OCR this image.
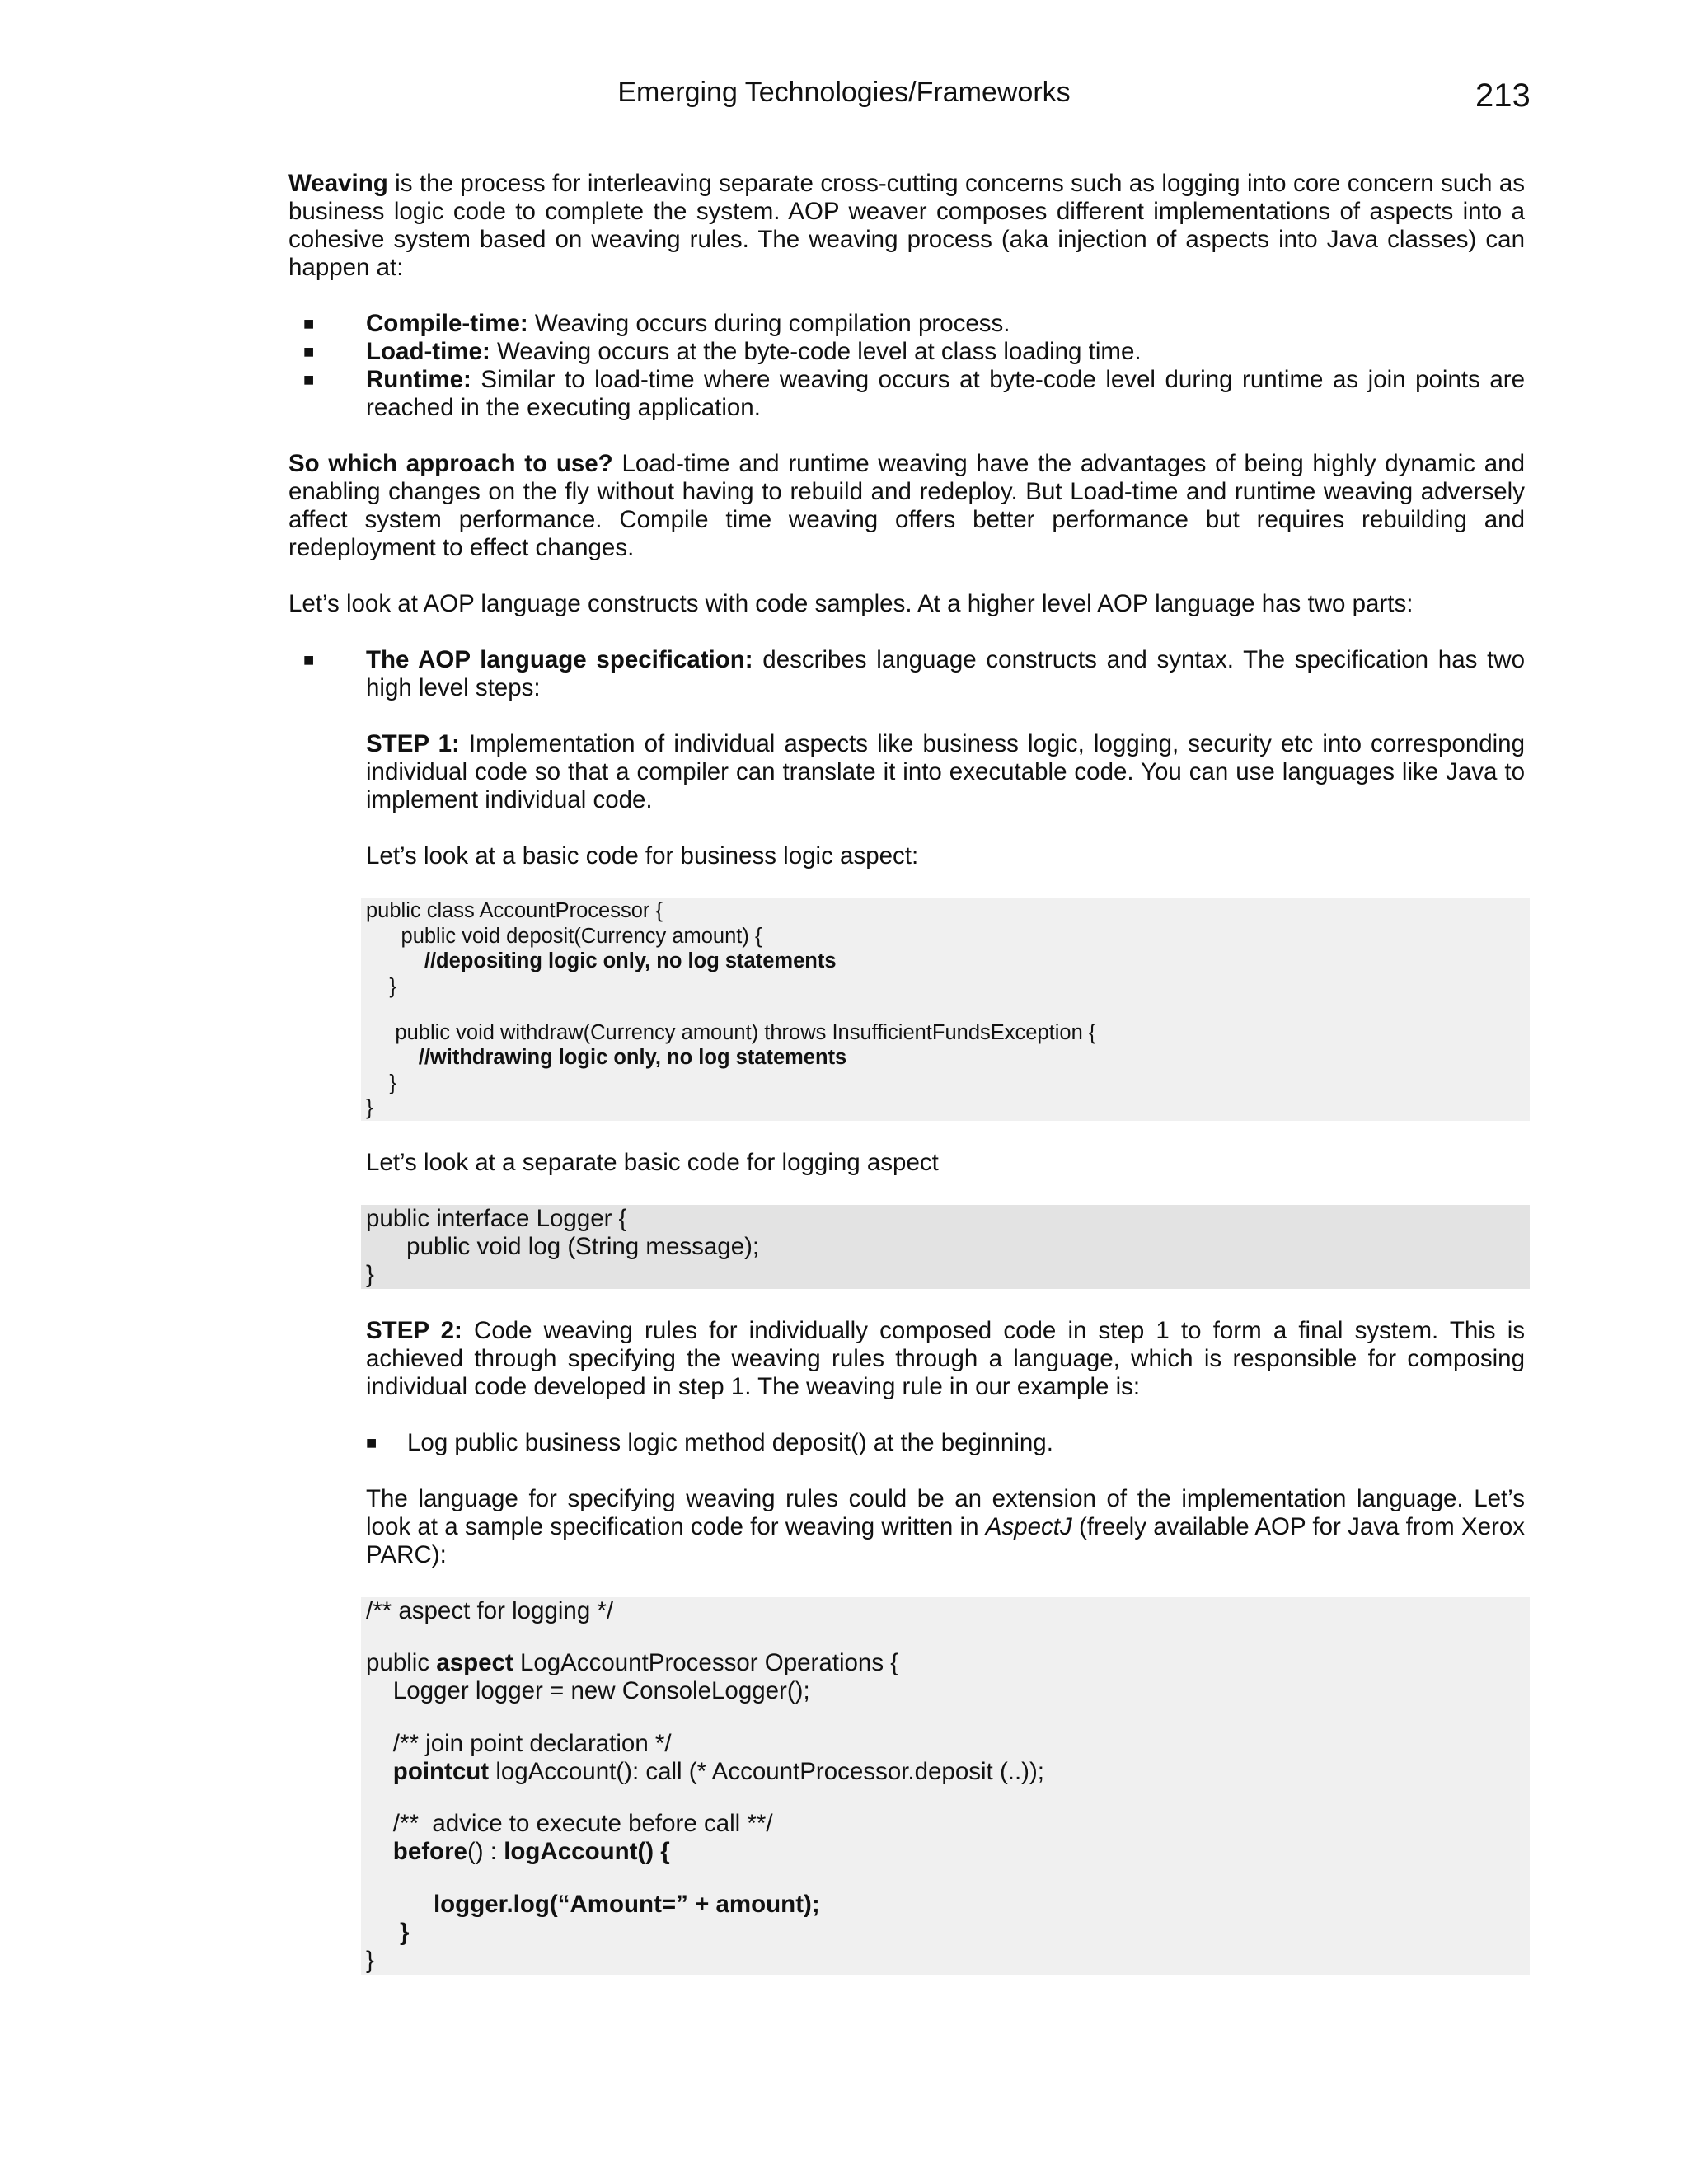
Emerging Technologies/Frameworks	213

Weaving is the process for interleaving separate cross-cutting concerns such as logging into core concern such as business logic code to complete the system. AOP weaver composes different implementations of aspects into a cohesive system based on weaving rules. The weaving process (aka injection of aspects into Java classes) can happen at:

■ Compile-time: Weaving occurs during compilation process.
■ Load-time: Weaving occurs at the byte-code level at class loading time.
■ Runtime: Similar to load-time where weaving occurs at byte-code level during runtime as join points are reached in the executing application.

So which approach to use? Load-time and runtime weaving have the advantages of being highly dynamic and enabling changes on the fly without having to rebuild and redeploy. But Load-time and runtime weaving adversely affect system performance. Compile time weaving offers better performance but requires rebuilding and redeployment to effect changes.

Let’s look at AOP language constructs with code samples. At a higher level AOP language has two parts:

■ The AOP language specification: describes language constructs and syntax. The specification has two high level steps:

STEP 1: Implementation of individual aspects like business logic, logging, security etc into corresponding individual code so that a compiler can translate it into executable code. You can use languages like Java to implement individual code.

Let’s look at a basic code for business logic aspect:

public class AccountProcessor {
public void deposit(Currency amount) {
//depositing logic only, no log statements
}
public void withdraw(Currency amount) throws InsufficientFundsException {
//withdrawing logic only, no log statements
}
}

Let’s look at a separate basic code for logging aspect

public interface Logger {
public void log (String message);
}

STEP 2: Code weaving rules for individually composed code in step 1 to form a final system. This is achieved through specifying the weaving rules through a language, which is responsible for composing individual code developed in step 1. The weaving rule in our example is:

■ Log public business logic method deposit() at the beginning.

The language for specifying weaving rules could be an extension of the implementation language. Let’s look at a sample specification code for weaving written in AspectJ (freely available AOP for Java from Xerox PARC):

/** aspect for logging */
public aspect LogAccountProcessor Operations {
Logger logger = new ConsoleLogger();
/** join point declaration */
pointcut logAccount(): call (* AccountProcessor.deposit (..));
/**  advice to execute before call **/
before() : logAccount() {
logger.log(“Amount=” + amount);
}
}
